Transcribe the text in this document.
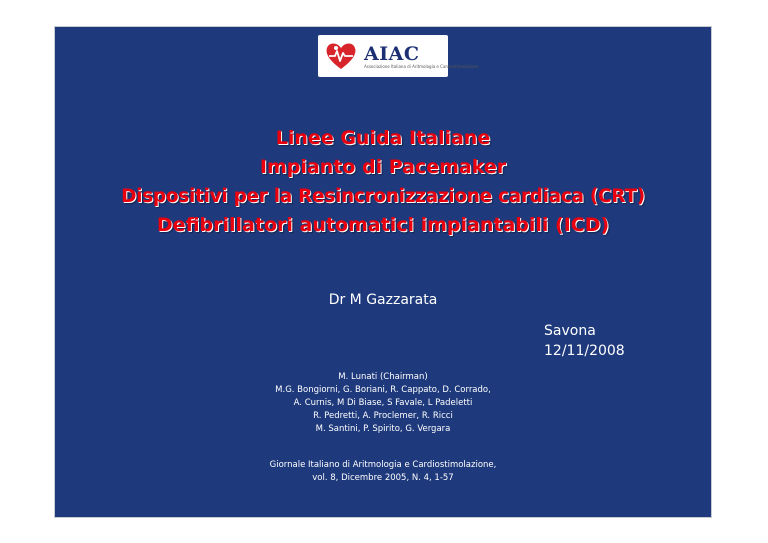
AIAC
Associazione Italiana di Aritmologia e Cardiostimolazione
Linee Guida Italiane
Impianto di Pacemaker
Dispositivi per la Resincronizzazione cardiaca (CRT)
Defibrillatori automatici impiantabili (ICD)
Dr M Gazzarata
Savona
12/11/2008
M. Lunati (Chairman)
M.G. Bongiorni, G. Boriani, R. Cappato, D. Corrado,
A. Curnis, M Di Biase, S Favale, L Padeletti
R. Pedretti, A. Proclemer, R. Ricci
M. Santini, P. Spirito, G. Vergara
Giornale Italiano di Aritmologia e Cardiostimolazione,
vol. 8, Dicembre 2005, N. 4, 1-57
